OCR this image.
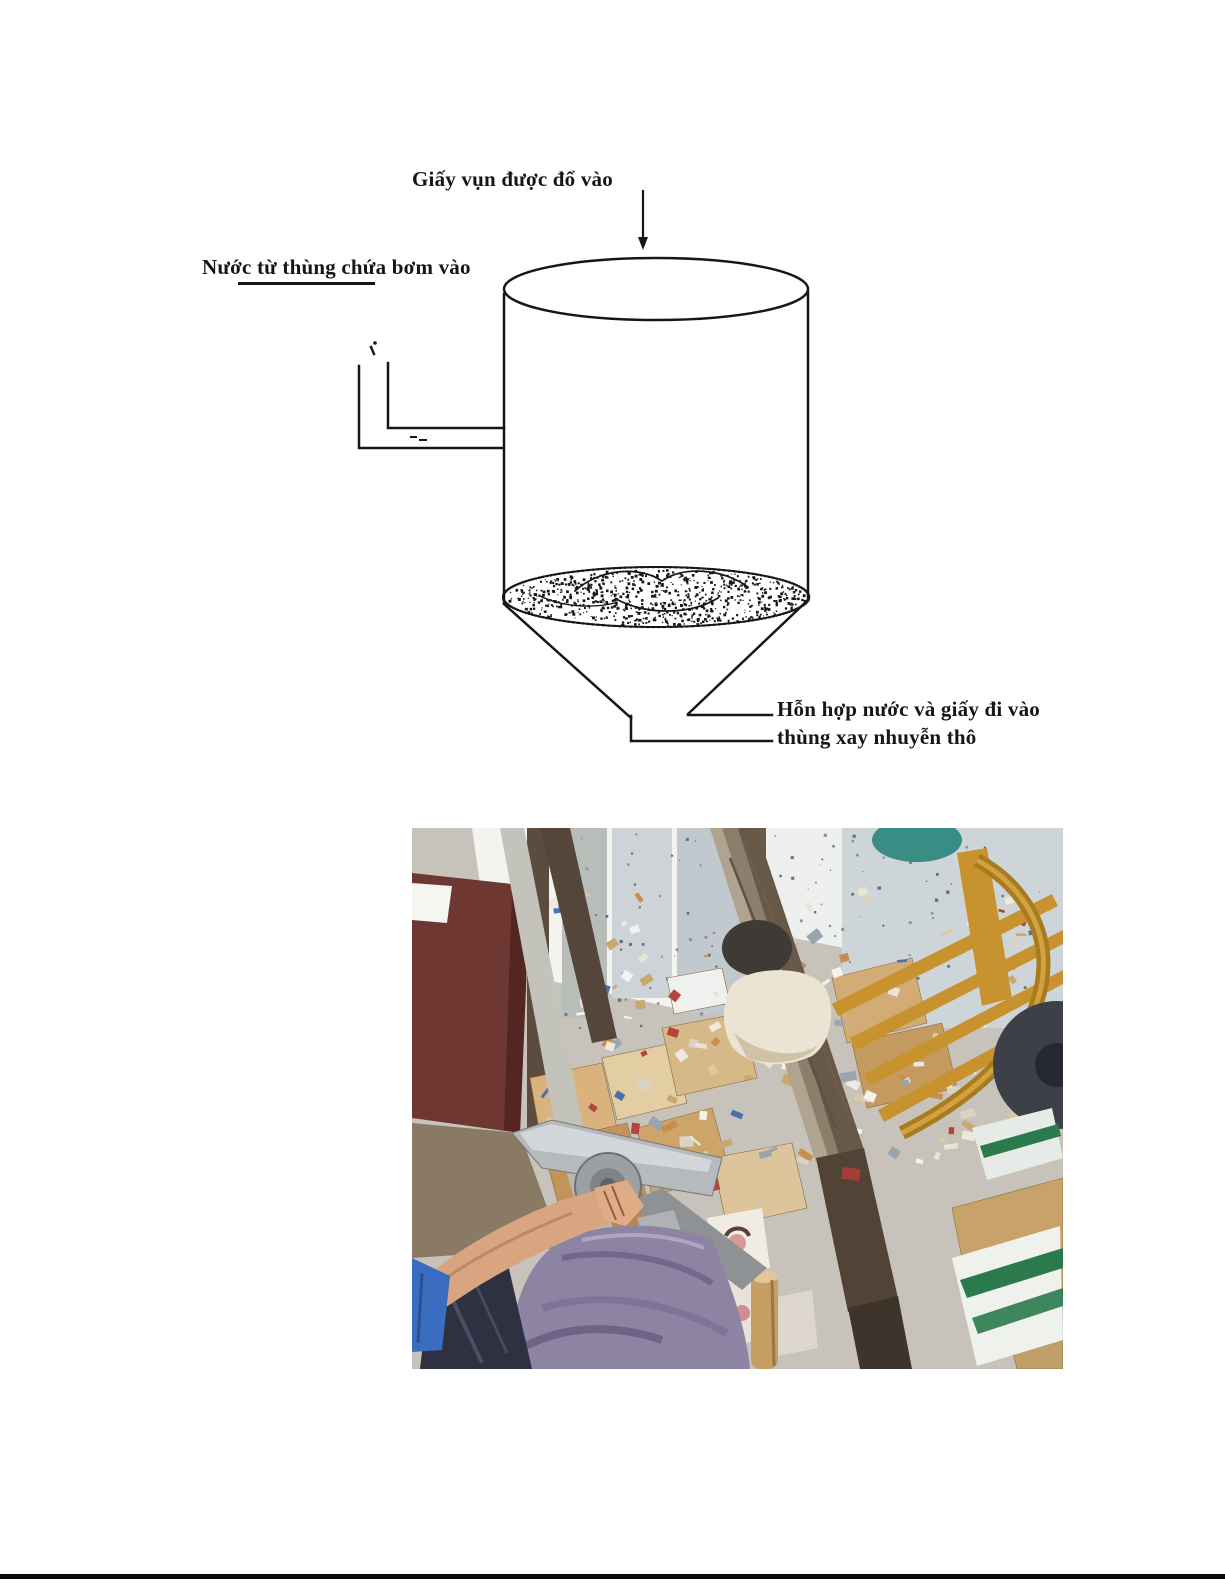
Giấy vụn được đổ vào
Nước từ thùng chứa bơm vào
Hỗn hợp nước và giấy đi vào
thùng xay nhuyễn thô
